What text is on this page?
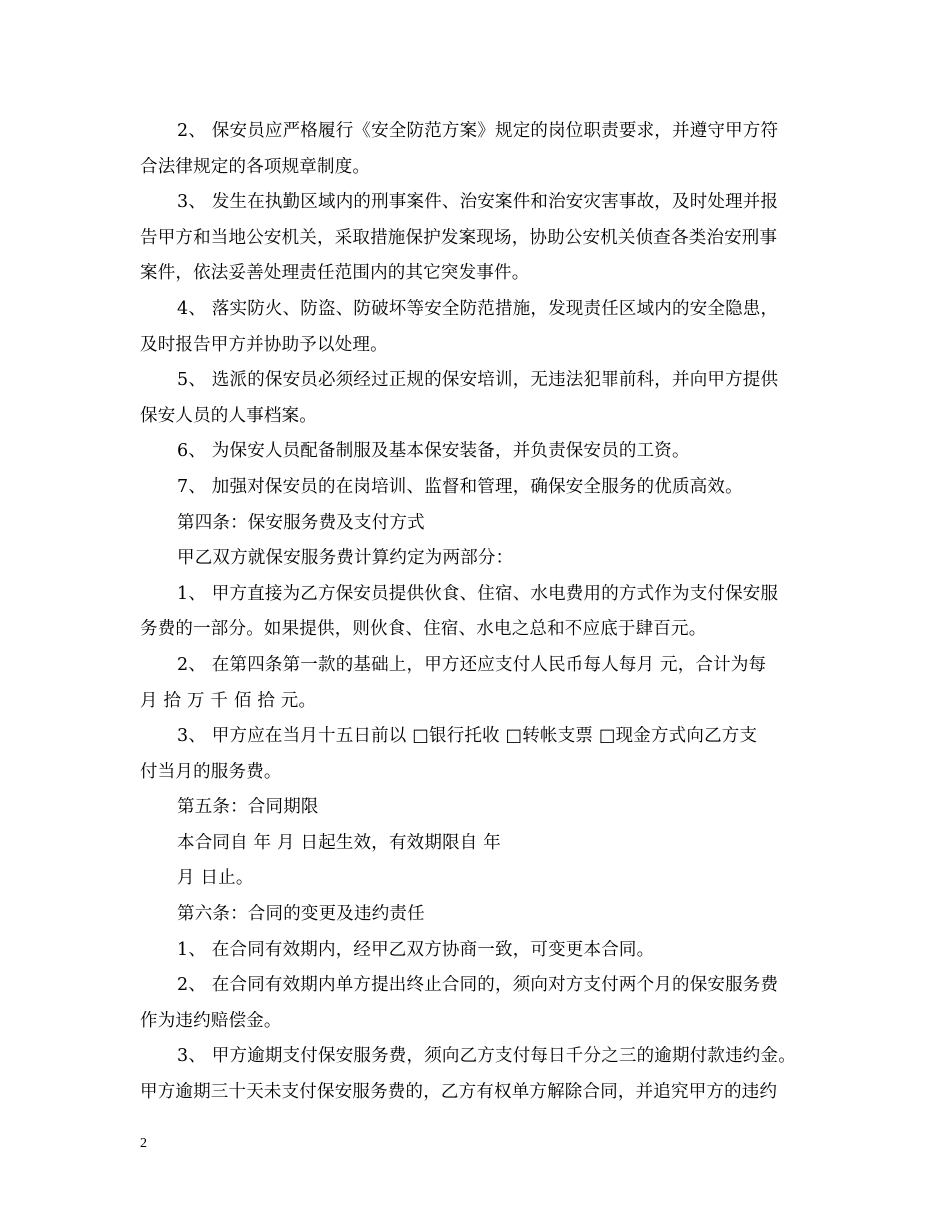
2、 保安员应严格履行《安全防范方案》规定的岗位职责要求，并遵守甲方符
合法律规定的各项规章制度。
3、 发生在执勤区域内的刑事案件、治安案件和治安灾害事故，及时处理并报
告甲方和当地公安机关，采取措施保护发案现场，协助公安机关侦查各类治安刑事
案件，依法妥善处理责任范围内的其它突发事件。
4、 落实防火、防盗、防破坏等安全防范措施，发现责任区域内的安全隐患，
及时报告甲方并协助予以处理。
5、 选派的保安员必须经过正规的保安培训，无违法犯罪前科，并向甲方提供
保安人员的人事档案。
6、 为保安人员配备制服及基本保安装备，并负责保安员的工资。
7、 加强对保安员的在岗培训、监督和管理，确保安全服务的优质高效。
第四条：保安服务费及支付方式
甲乙双方就保安服务费计算约定为两部分：
1、 甲方直接为乙方保安员提供伙食、住宿、水电费用的方式作为支付保安服
务费的一部分。如果提供，则伙食、住宿、水电之总和不应底于肆百元。
2、 在第四条第一款的基础上，甲方还应支付人民币每人每月 元，合计为每
月 拾 万 千 佰 拾 元。
3、 甲方应在当月十五日前以 □银行托收 □转帐支票 □现金方式向乙方支
付当月的服务费。
第五条：合同期限
本合同自 年 月 日起生效，有效期限自 年
月 日止。
第六条：合同的变更及违约责任
1、 在合同有效期内，经甲乙双方协商一致，可变更本合同。
2、 在合同有效期内单方提出终止合同的，须向对方支付两个月的保安服务费
作为违约赔偿金。
3、 甲方逾期支付保安服务费，须向乙方支付每日千分之三的逾期付款违约金。
甲方逾期三十天未支付保安服务费的，乙方有权单方解除合同，并追究甲方的违约
2
